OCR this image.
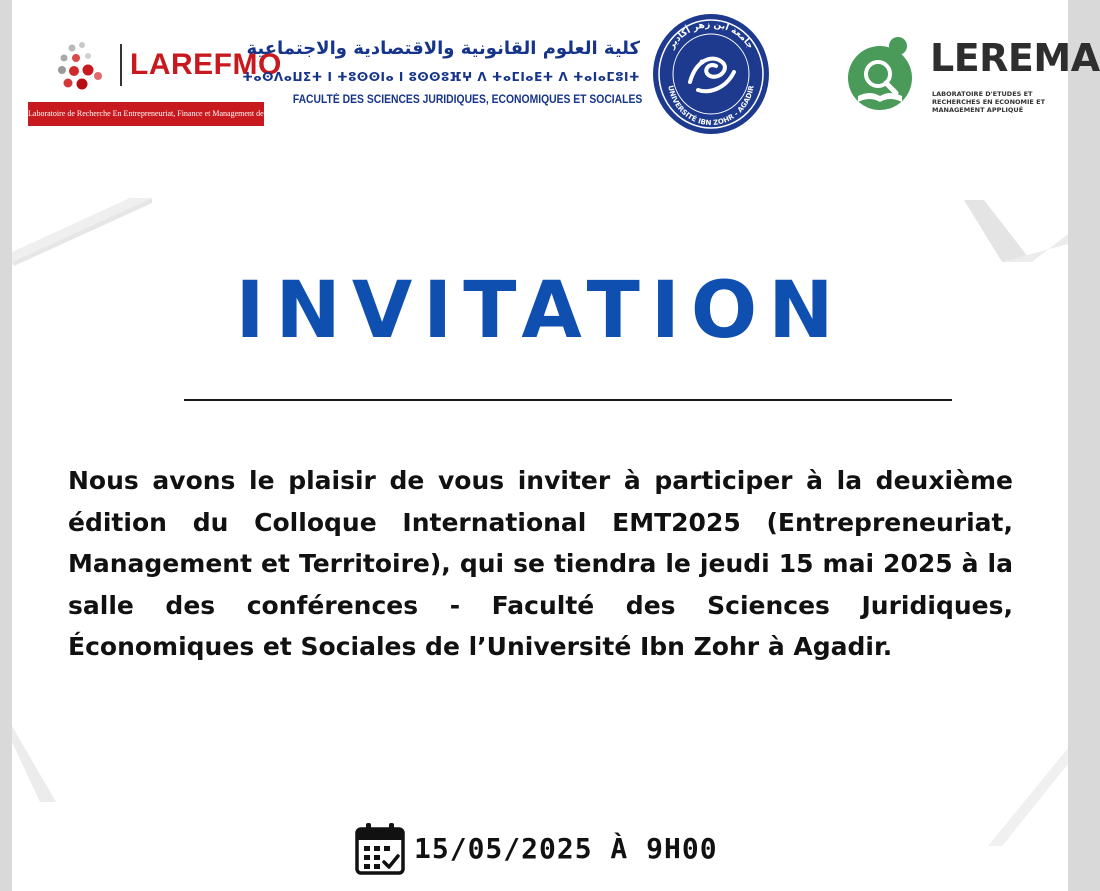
LAREFMO
Laboratoire de Recherche En Entrepreneuriat, Finance et Management des Organisations
كلية العلوم القانونية والاقتصادية والاجتماعية
ⵜⴰⵙⴷⴰⵡⵉⵜ ⵏ ⵜⵓⵙⵙⵏⴰ ⵏ ⵓⵙⵙⵓⴼⵖ ⴷ ⵜⴰⵎⵏⴰⴹⵜ ⴷ ⵜⴰⵏⴰⵎⵓⵏⵜ
FACULTÉ DES SCIENCES JURIDIQUES, ECONOMIQUES ET SOCIALES
جامعة ابن زهر أكادير
UNIVERSITÉ IBN ZOHR - AGADIR
LEREMA
LABORATOIRE D'ETUDES ET RECHERCHES EN ECONOMIE ET MANAGEMENT APPLIQUÉ
INVITATION
Nous avons le plaisir de vous inviter à participer à la deuxième édition du Colloque International EMT2025 (Entrepreneuriat, Management et Territoire), qui se tiendra le jeudi 15 mai 2025 à la salle des conférences - Faculté des Sciences Juridiques, Économiques et Sociales de l’Université Ibn Zohr à Agadir.
15/05/2025 À 9H00
